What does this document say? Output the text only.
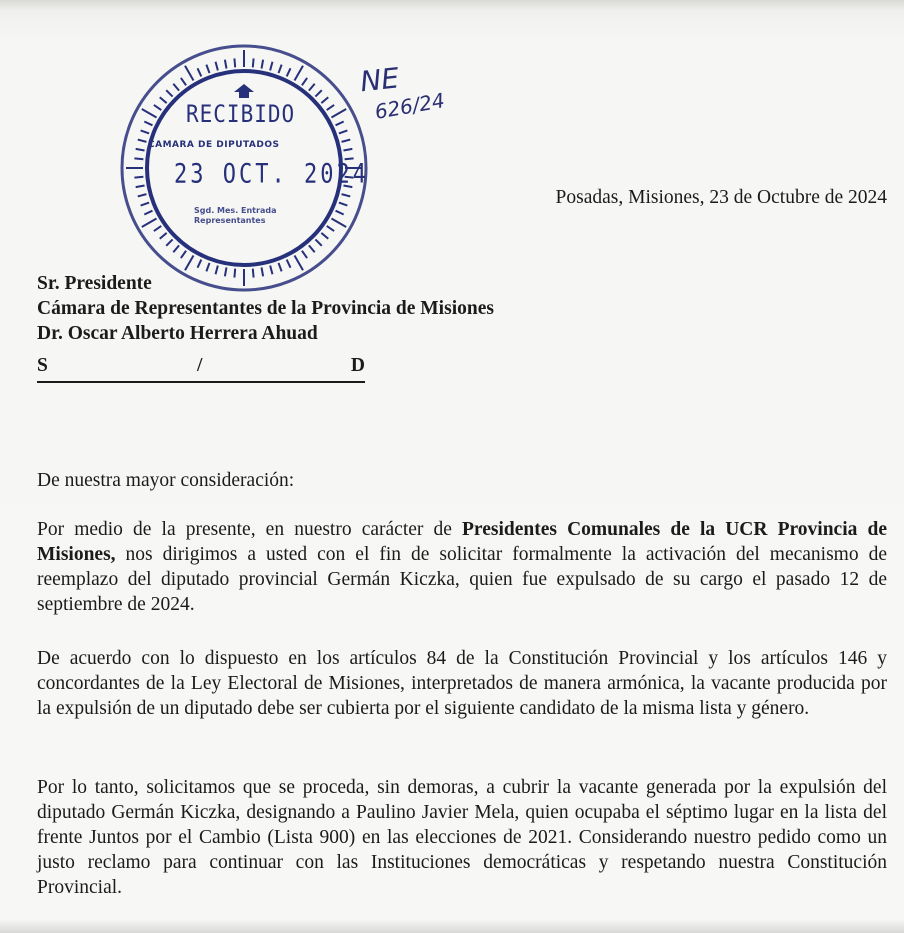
RECIBIDO
CAMARA DE DIPUTADOS
23 OCT. 2024
Sgd. Mes. Entrada
Representantes
NE
626/24
Posadas, Misiones, 23 de Octubre de 2024
Sr. Presidente
Cámara de Representantes de la Provincia de Misiones
Dr. Oscar Alberto Herrera Ahuad
S	/	D
De nuestra mayor consideración:
Por medio de la presente, en nuestro carácter de Presidentes Comunales de la UCR Provincia de Misiones, nos dirigimos a usted con el fin de solicitar formalmente la activación del mecanismo de reemplazo del diputado provincial Germán Kiczka, quien fue expulsado de su cargo el pasado 12 de septiembre de 2024.
De acuerdo con lo dispuesto en los artículos 84 de la Constitución Provincial y los artículos 146 y concordantes de la Ley Electoral de Misiones, interpretados de manera armónica, la vacante producida por la expulsión de un diputado debe ser cubierta por el siguiente candidato de la misma lista y género.
Por lo tanto, solicitamos que se proceda, sin demoras, a cubrir la vacante generada por la expulsión del diputado Germán Kiczka, designando a Paulino Javier Mela, quien ocupaba el séptimo lugar en la lista del frente Juntos por el Cambio (Lista 900) en las elecciones de 2021. Considerando nuestro pedido como un justo reclamo para continuar con las Instituciones democráticas y respetando nuestra Constitución Provincial.
